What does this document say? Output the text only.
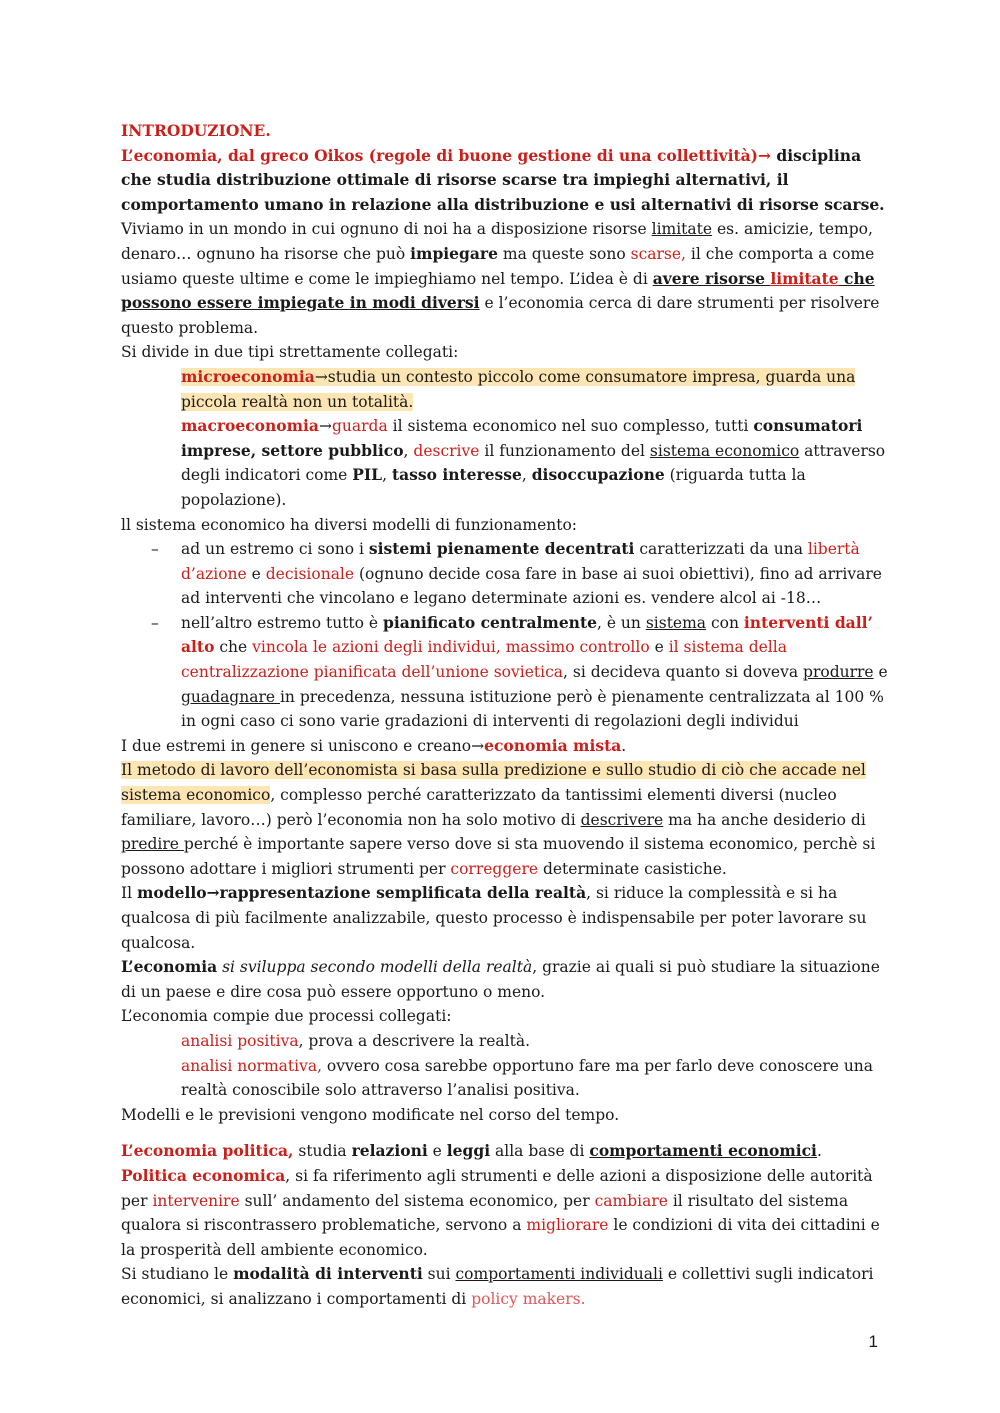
INTRODUZIONE.

L’economia, dal greco Oikos (regole di buone gestione di una collettività)→ disciplina che studia distribuzione ottimale di risorse scarse tra impieghi alternativi, il comportamento umano in relazione alla distribuzione e usi alternativi di risorse scarse.

Viviamo in un mondo in cui ognuno di noi ha a disposizione risorse limitate es. amicizie, tempo, denaro… ognuno ha risorse che può impiegare ma queste sono scarse, il che comporta a come usiamo queste ultime e come le impieghiamo nel tempo. L’idea è di avere risorse limitate che possono essere impiegate in modi diversi e l’economia cerca di dare strumenti per risolvere questo problema.

Si divide in due tipi strettamente collegati:

microeconomia→studia un contesto piccolo come consumatore impresa, guarda una piccola realtà non un totalità.

macroeconomia→guarda il sistema economico nel suo complesso, tutti consumatori imprese, settore pubblico, descrive il funzionamento del sistema economico attraverso degli indicatori come PIL, tasso interesse, disoccupazione (riguarda tutta la popolazione).

ll sistema economico ha diversi modelli di funzionamento:

– ad un estremo ci sono i sistemi pienamente decentrati caratterizzati da una libertà d’azione e decisionale (ognuno decide cosa fare in base ai suoi obiettivi), fino ad arrivare ad interventi che vincolano e legano determinate azioni es. vendere alcol ai -18…
– nell’altro estremo tutto è pianificato centralmente, è un sistema con interventi dall’ alto che vincola le azioni degli individui, massimo controllo e il sistema della centralizzazione pianificata dell’unione sovietica, si decideva quanto si doveva produrre e guadagnare in precedenza, nessuna istituzione però è pienamente centralizzata al 100 % in ogni caso ci sono varie gradazioni di interventi di regolazioni degli individui

I due estremi in genere si uniscono e creano→economia mista.

Il metodo di lavoro dell’economista si basa sulla predizione e sullo studio di ciò che accade nel sistema economico, complesso perché caratterizzato da tantissimi elementi diversi (nucleo familiare, lavoro…) però l’economia non ha solo motivo di descrivere ma ha anche desiderio di predire perché è importante sapere verso dove si sta muovendo il sistema economico, perchè si possono adottare i migliori strumenti per correggere determinate casistiche.

Il modello→rappresentazione semplificata della realtà, si riduce la complessità e si ha qualcosa di più facilmente analizzabile, questo processo è indispensabile per poter lavorare su qualcosa.

L’economia si sviluppa secondo modelli della realtà, grazie ai quali si può studiare la situazione di un paese e dire cosa può essere opportuno o meno.

L’economia compie due processi collegati:

analisi positiva, prova a descrivere la realtà.

analisi normativa, ovvero cosa sarebbe opportuno fare ma per farlo deve conoscere una realtà conoscibile solo attraverso l’analisi positiva.

Modelli e le previsioni vengono modificate nel corso del tempo.

L’economia politica, studia relazioni e leggi alla base di comportamenti economici.

Politica economica, si fa riferimento agli strumenti e delle azioni a disposizione delle autorità per intervenire sull’ andamento del sistema economico, per cambiare il risultato del sistema qualora si riscontrassero problematiche, servono a migliorare le condizioni di vita dei cittadini e la prosperità dell ambiente economico.

Si studiano le modalità di interventi sui comportamenti individuali e collettivi sugli indicatori economici, si analizzano i comportamenti di policy makers.

1
